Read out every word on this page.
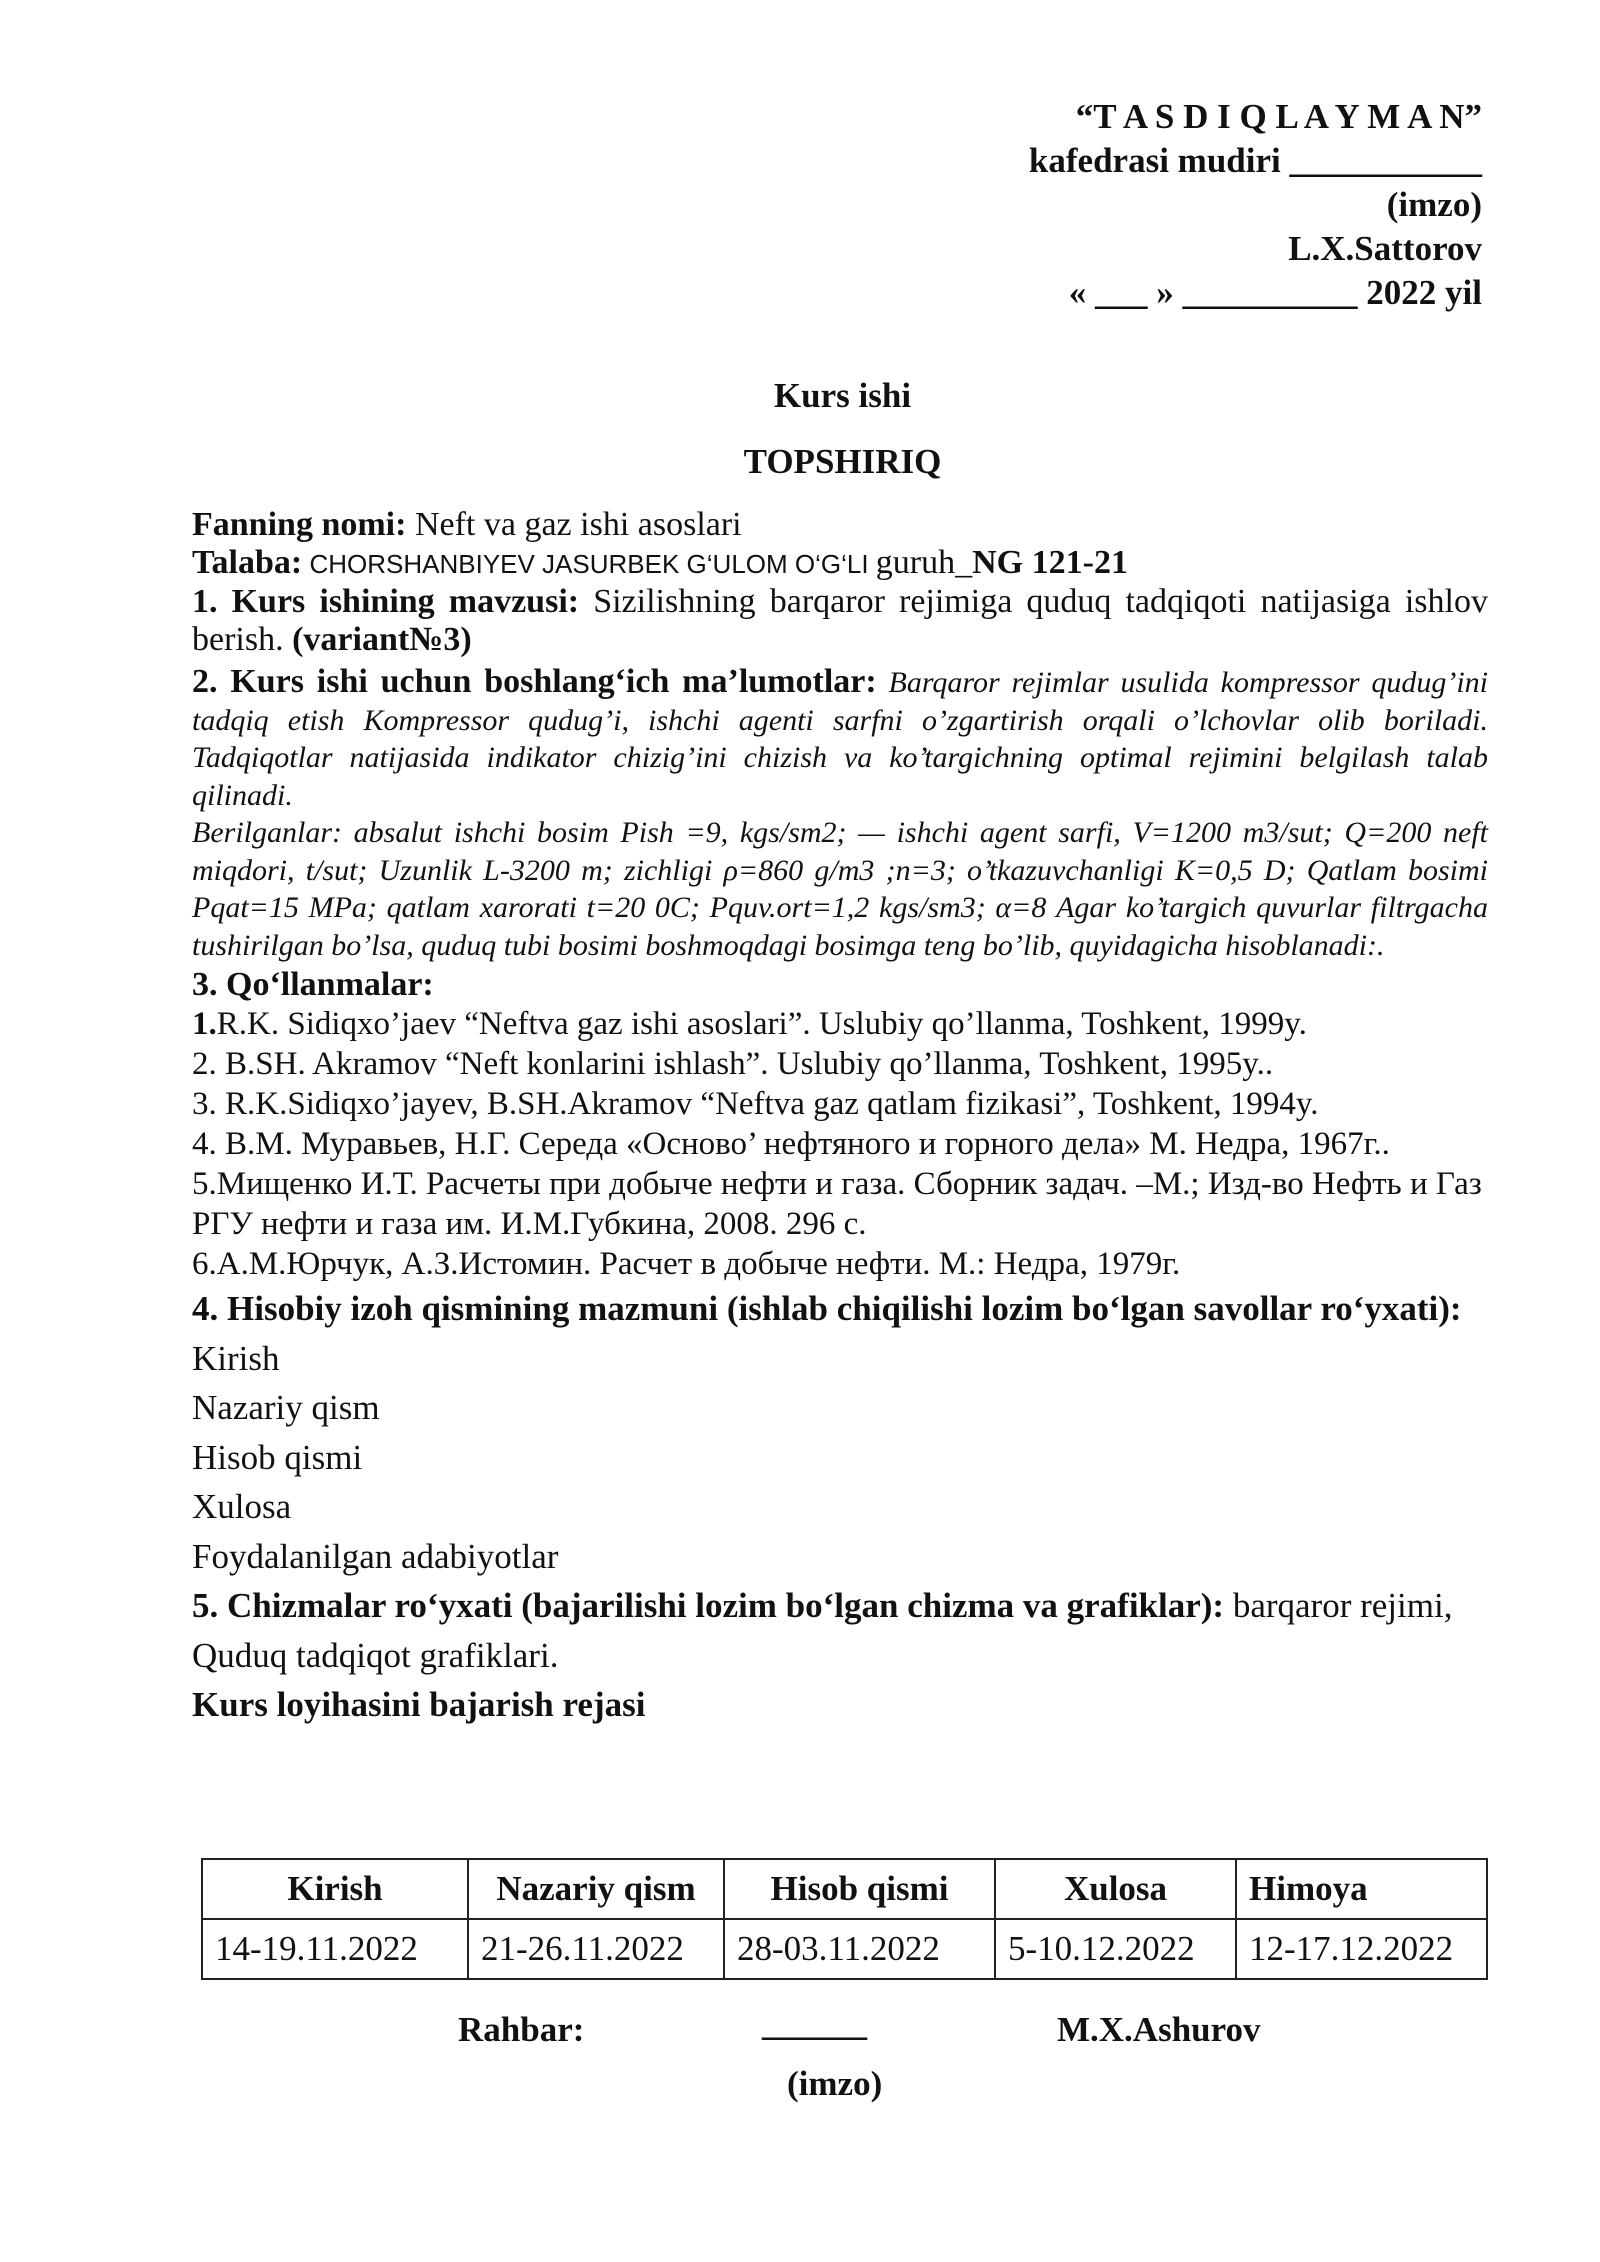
“T A S D I Q L A Y M A N”
kafedrasi mudiri ___________
(imzo)
L.X.Sattorov
« ___ » __________ 2022 yil
Kurs ishi
TOPSHIRIQ

Fanning nomi: Neft va gaz ishi asoslari

Talaba: CHORSHANBIYEV JASURBEK G‘ULOM O‘G‘LI guruh_NG 121-21

1. Kurs ishining mavzusi: Sizilishning barqaror rejimiga quduq tadqiqoti natijasiga ishlov berish. (variant№3)

2. Kurs ishi uchun boshlang‘ich ma’lumotlar: Barqaror rejimlar usulida kompressor qudug’ini tadqiq etish Kompressor qudug’i, ishchi agenti sarfni o’zgartirish orqali o’lchovlar olib boriladi. Tadqiqotlar natijasida indikator chizig’ini chizish va ko’targichning optimal rejimini belgilash talab qilinadi.

Berilganlar: absalut ishchi bosim Pish =9, kgs/sm2; — ishchi agent sarfi, V=1200 m3/sut; Q=200 neft miqdori, t/sut; Uzunlik L-3200 m; zichligi ρ=860 g/m3 ;n=3; o’tkazuvchanligi K=0,5 D; Qatlam bosimi Pqat=15 MPa; qatlam xarorati t=20 0C; Pquv.ort=1,2 kgs/sm3; α=8 Agar ko’targich quvurlar filtrgacha tushirilgan bo’lsa, quduq tubi bosimi boshmoqdagi bosimga teng bo’lib, quyidagicha hisoblanadi:.

3. Qo‘llanmalar:

1.R.K. Sidiqxo’jaev “Neftva gaz ishi asoslari”. Uslubiy qo’llanma, Toshkent, 1999y.

2. B.SH. Akramov “Neft konlarini ishlash”. Uslubiy qo’llanma, Toshkent, 1995y..

3. R.K.Sidiqxo’jayev, B.SH.Akramov “Neftva gaz qatlam fizikasi”, Toshkent, 1994y.

4. В.М. Муравьев, Н.Г. Середа «Осново’ нефтяного и горного дела» М. Недра, 1967г..

5.Мищенко И.Т. Расчеты при добыче нефти и газа. Сборник задач. –М.; Изд-во Нефть и Газ РГУ нефти и газа им. И.М.Губкина, 2008. 296 с.

6.А.М.Юрчук, А.З.Истомин. Расчет в добыче нефти. М.: Недра, 1979г.

4. Hisobiy izoh qismining mazmuni (ishlab chiqilishi lozim bo‘lgan savollar ro‘yxati):

Kirish

Nazariy qism

Hisob qismi

Xulosa

Foydalanilgan adabiyotlar

5. Chizmalar ro‘yxati (bajarilishi lozim bo‘lgan chizma va grafiklar): barqaror rejimi, Quduq tadqiqot grafiklari.

Kurs loyihasini bajarish rejasi

Kirish	Nazariy qism	Hisob qismi	Xulosa	Himoya
14-19.11.2022	21-26.11.2022	28-03.11.2022	5-10.12.2022	12-17.12.2022
Rahbar:	______	M.X.Ashurov
(imzo)
